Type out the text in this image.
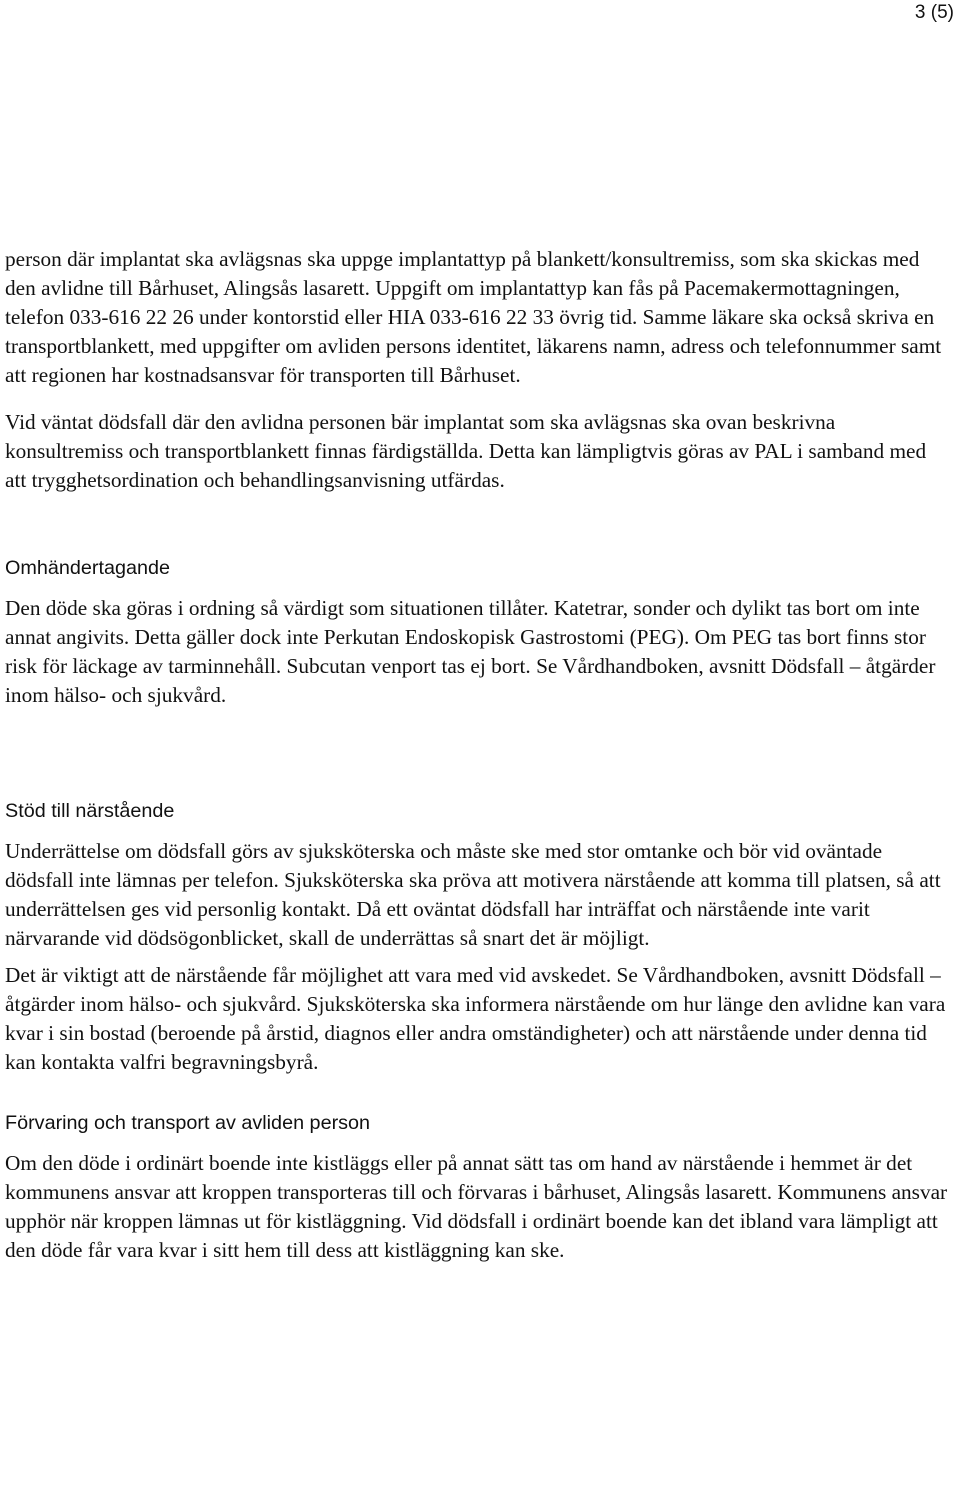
3 (5)

person där implantat ska avlägsnas ska uppge implantattyp på blankett/konsultremiss, som ska skickas med den avlidne till Bårhuset, Alingsås lasarett. Uppgift om implantattyp kan fås på Pacemakermottagningen, telefon 033-616 22 26 under kontorstid eller HIA 033-616 22 33 övrig tid. Samme läkare ska också skriva en transportblankett, med uppgifter om avliden persons identitet, läkarens namn, adress och telefonnummer samt att regionen har kostnadsansvar för transporten till Bårhuset.

Vid väntat dödsfall där den avlidna personen bär implantat som ska avlägsnas ska ovan beskrivna konsultremiss och transportblankett finnas färdigställda. Detta kan lämpligtvis göras av PAL i samband med att trygghetsordination och behandlingsanvisning utfärdas.

Omhändertagande

Den döde ska göras i ordning så värdigt som situationen tillåter. Katetrar, sonder och dylikt tas bort om inte annat angivits. Detta gäller dock inte Perkutan Endoskopisk Gastrostomi (PEG). Om PEG tas bort finns stor risk för läckage av tarminnehåll. Subcutan venport tas ej bort. Se Vårdhandboken, avsnitt Dödsfall – åtgärder inom hälso- och sjukvård.

Stöd till närstående

Underrättelse om dödsfall görs av sjuksköterska och måste ske med stor omtanke och bör vid oväntade dödsfall inte lämnas per telefon. Sjuksköterska ska pröva att motivera närstående att komma till platsen, så att underrättelsen ges vid personlig kontakt. Då ett oväntat dödsfall har inträffat och närstående inte varit närvarande vid dödsögonblicket, skall de underrättas så snart det är möjligt.

Det är viktigt att de närstående får möjlighet att vara med vid avskedet. Se Vårdhandboken, avsnitt Dödsfall – åtgärder inom hälso- och sjukvård. Sjuksköterska ska informera närstående om hur länge den avlidne kan vara kvar i sin bostad (beroende på årstid, diagnos eller andra omständigheter) och att närstående under denna tid kan kontakta valfri begravningsbyrå.

Förvaring och transport av avliden person

Om den döde i ordinärt boende inte kistläggs eller på annat sätt tas om hand av närstående i hemmet är det kommunens ansvar att kroppen transporteras till och förvaras i bårhuset, Alingsås lasarett. Kommunens ansvar upphör när kroppen lämnas ut för kistläggning. Vid dödsfall i ordinärt boende kan det ibland vara lämpligt att den döde får vara kvar i sitt hem till dess att kistläggning kan ske.
